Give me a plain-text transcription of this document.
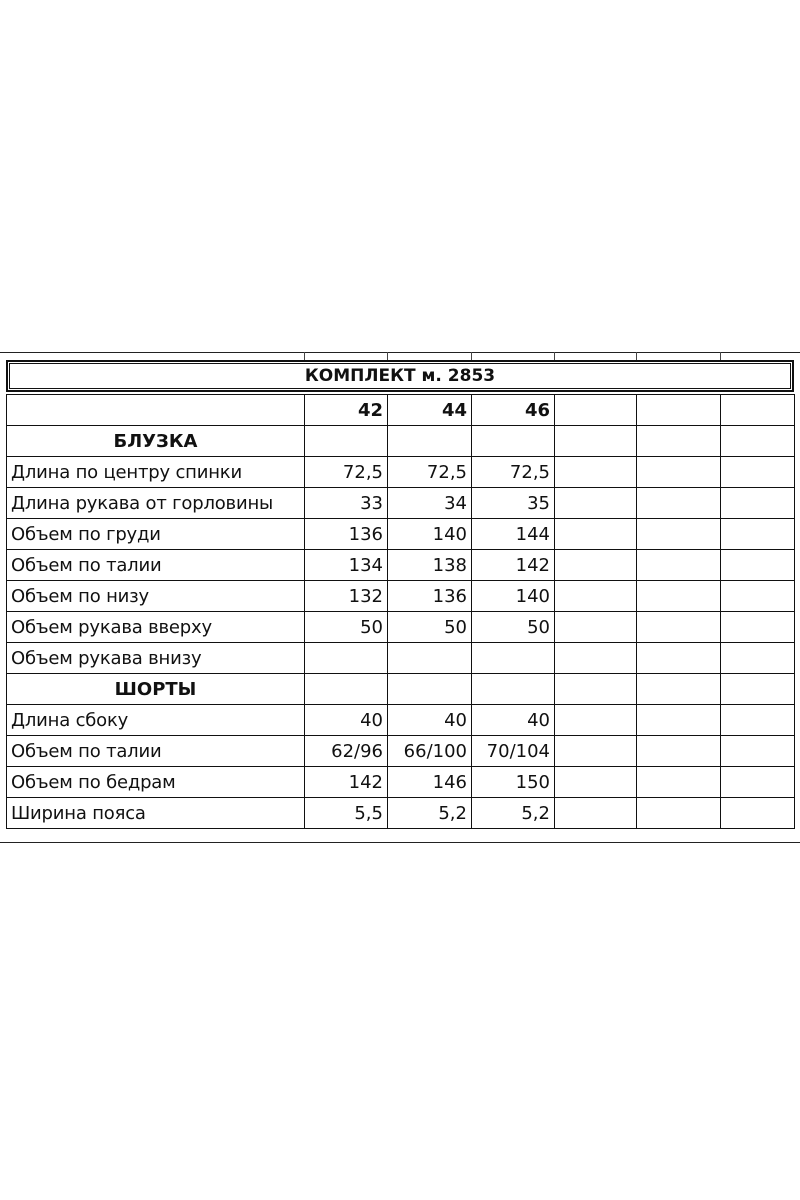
КОМПЛЕКТ м. 2853
	42	44	46			
БЛУЗКА						
Длина по центру спинки	72,5	72,5	72,5			
Длина рукава от горловины	33	34	35			
Объем по груди	136	140	144			
Объем по талии	134	138	142			
Объем по низу	132	136	140			
Объем рукава вверху	50	50	50			
Объем рукава внизу						
ШОРТЫ						
Длина сбоку	40	40	40			
Объем по талии	62/96	66/100	70/104			
Объем по бедрам	142	146	150			
Ширина пояса	5,5	5,2	5,2			
